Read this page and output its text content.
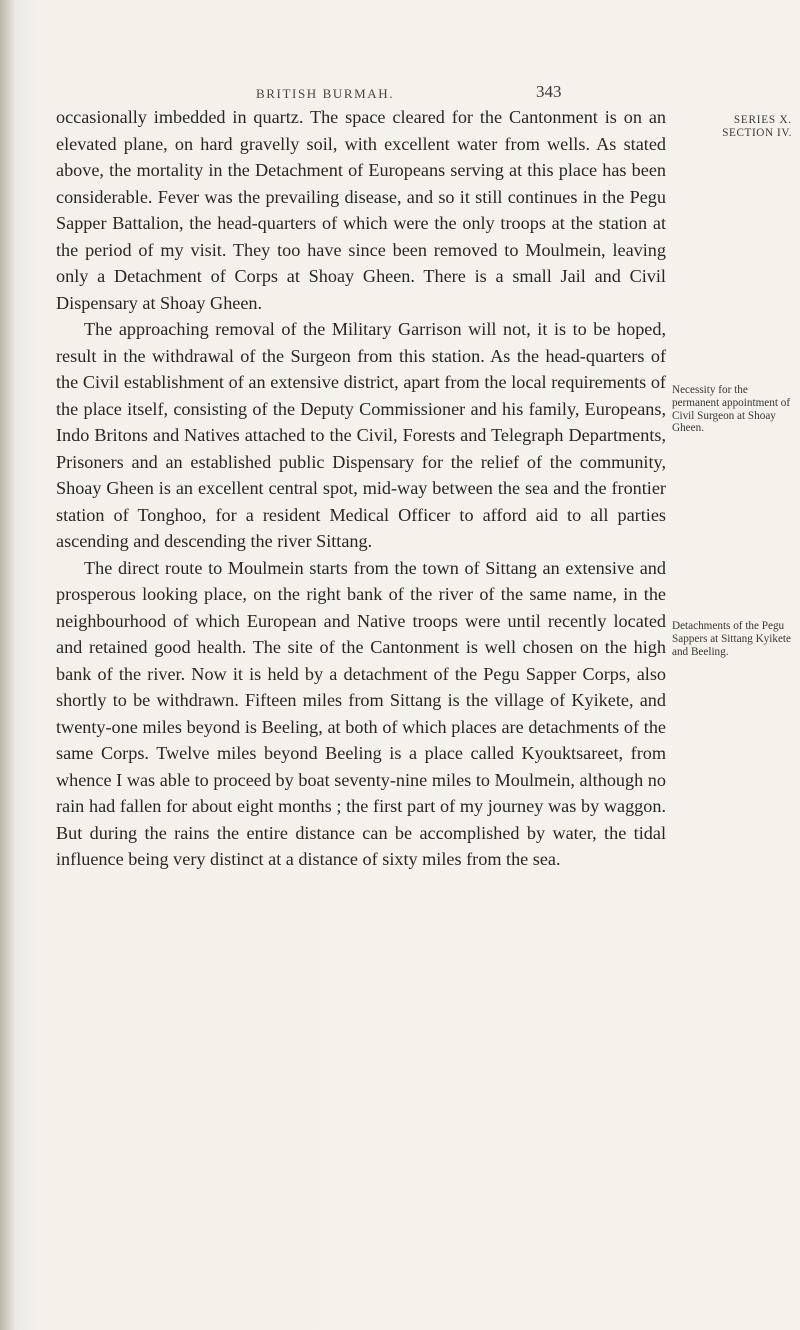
BRITISH BURMAH.	343

occasionally imbedded in quartz. The space cleared for the Cantonment is on an elevated plane, on hard gravelly soil, with excellent water from wells. As stated above, the mortality in the Detachment of Europeans serving at this place has been considerable. Fever was the prevailing disease, and so it still continues in the Pegu Sapper Battalion, the head-quarters of which were the only troops at the station at the period of my visit. They too have since been removed to Moulmein, leaving only a Detachment of Corps at Shoay Gheen. There is a small Jail and Civil Dispensary at Shoay Gheen.

The approaching removal of the Military Garrison will not, it is to be hoped, result in the withdrawal of the Surgeon from this station. As the head-quarters of the Civil establishment of an extensive district, apart from the local requirements of the place itself, consisting of the Deputy Commissioner and his family, Europeans, Indo Britons and Natives attached to the Civil, Forests and Telegraph Departments, Prisoners and an established public Dispensary for the relief of the community, Shoay Gheen is an excellent central spot, mid-way between the sea and the frontier station of Tonghoo, for a resident Medical Officer to afford aid to all parties ascending and descending the river Sittang.

The direct route to Moulmein starts from the town of Sittang an extensive and prosperous looking place, on the right bank of the river of the same name, in the neighbourhood of which European and Native troops were until recently located and retained good health. The site of the Cantonment is well chosen on the high bank of the river. Now it is held by a detachment of the Pegu Sapper Corps, also shortly to be withdrawn. Fifteen miles from Sittang is the village of Kyikete, and twenty-one miles beyond is Beeling, at both of which places are detachments of the same Corps. Twelve miles beyond Beeling is a place called Kyouktsareet, from whence I was able to proceed by boat seventy-nine miles to Moulmein, although no rain had fallen for about eight months ; the first part of my journey was by waggon. But during the rains the entire distance can be accomplished by water, the tidal influence being very distinct at a distance of sixty miles from the sea.

SERIES X.
SECTION IV.
Necessity for the permanent appointment of Civil Surgeon at Shoay Gheen.
Detachments of the Pegu Sappers at Sittang Kyikete and Beeling.
